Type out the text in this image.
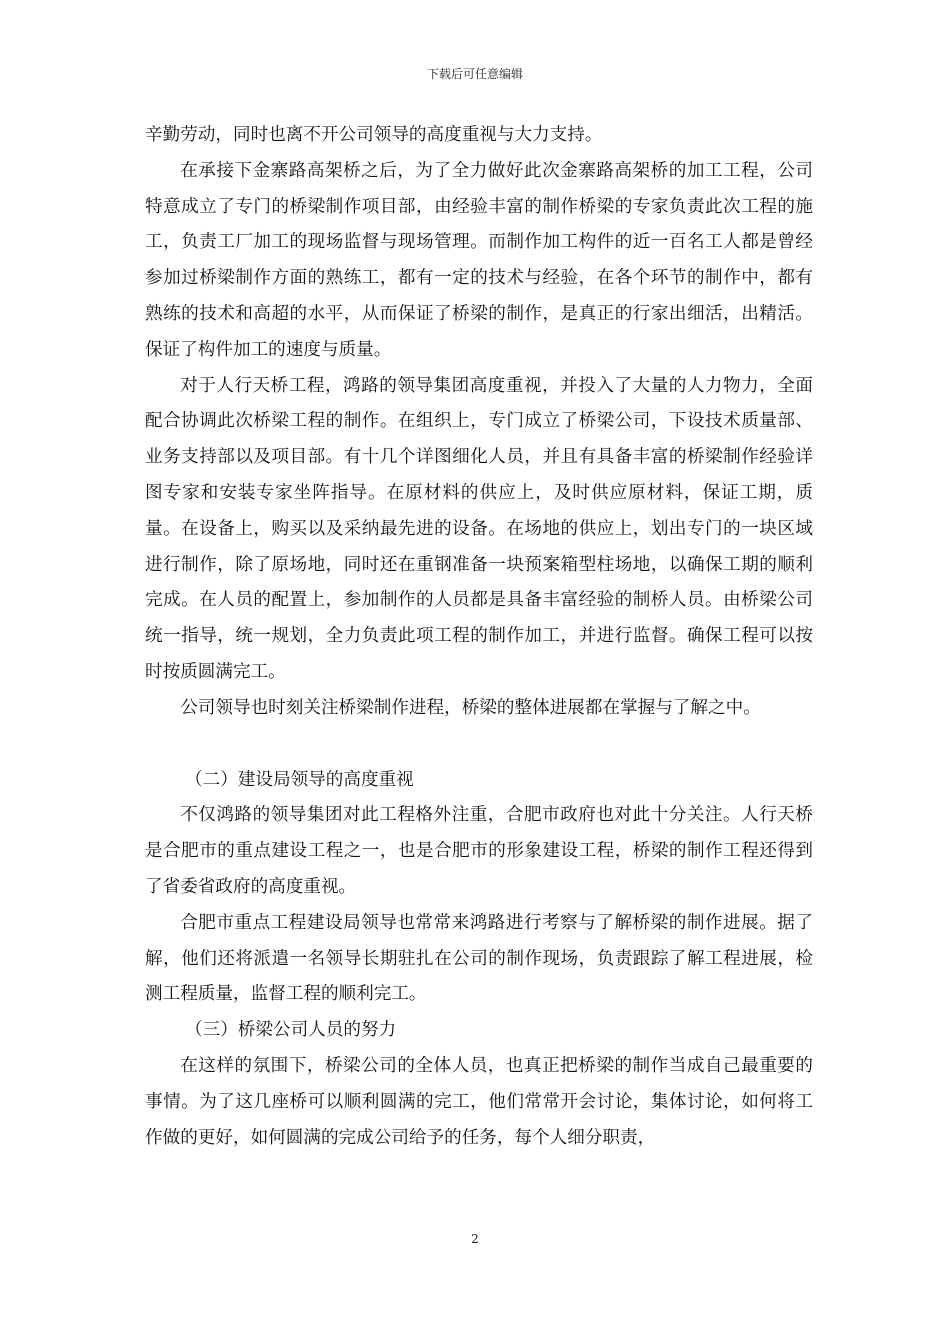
下载后可任意编辑

辛勤劳动，同时也离不开公司领导的高度重视与大力支持。

在承接下金寨路高架桥之后，为了全力做好此次金寨路高架桥的加工工程，公司特意成立了专门的桥梁制作项目部，由经验丰富的制作桥梁的专家负责此次工程的施工，负责工厂加工的现场监督与现场管理。而制作加工构件的近一百名工人都是曾经参加过桥梁制作方面的熟练工，都有一定的技术与经验，在各个环节的制作中，都有熟练的技术和高超的水平，从而保证了桥梁的制作，是真正的行家出细活，出精活。保证了构件加工的速度与质量。

对于人行天桥工程，鸿路的领导集团高度重视，并投入了大量的人力物力，全面配合协调此次桥梁工程的制作。在组织上，专门成立了桥梁公司，下设技术质量部、业务支持部以及项目部。有十几个详图细化人员，并且有具备丰富的桥梁制作经验详图专家和安装专家坐阵指导。在原材料的供应上，及时供应原材料，保证工期，质量。在设备上，购买以及采纳最先进的设备。在场地的供应上，划出专门的一块区域进行制作，除了原场地，同时还在重钢准备一块预案箱型柱场地，以确保工期的顺利完成。在人员的配置上，参加制作的人员都是具备丰富经验的制桥人员。由桥梁公司统一指导，统一规划，全力负责此项工程的制作加工，并进行监督。确保工程可以按时按质圆满完工。

公司领导也时刻关注桥梁制作进程，桥梁的整体进展都在掌握与了解之中。

（二）建设局领导的高度重视

不仅鸿路的领导集团对此工程格外注重，合肥市政府也对此十分关注。人行天桥是合肥市的重点建设工程之一，也是合肥市的形象建设工程，桥梁的制作工程还得到了省委省政府的高度重视。

合肥市重点工程建设局领导也常常来鸿路进行考察与了解桥梁的制作进展。据了解，他们还将派遣一名领导长期驻扎在公司的制作现场，负责跟踪了解工程进展，检测工程质量，监督工程的顺利完工。

（三）桥梁公司人员的努力

在这样的氛围下，桥梁公司的全体人员，也真正把桥梁的制作当成自己最重要的事情。为了这几座桥可以顺利圆满的完工，他们常常开会讨论，集体讨论，如何将工作做的更好，如何圆满的完成公司给予的任务，每个人细分职责，

2
